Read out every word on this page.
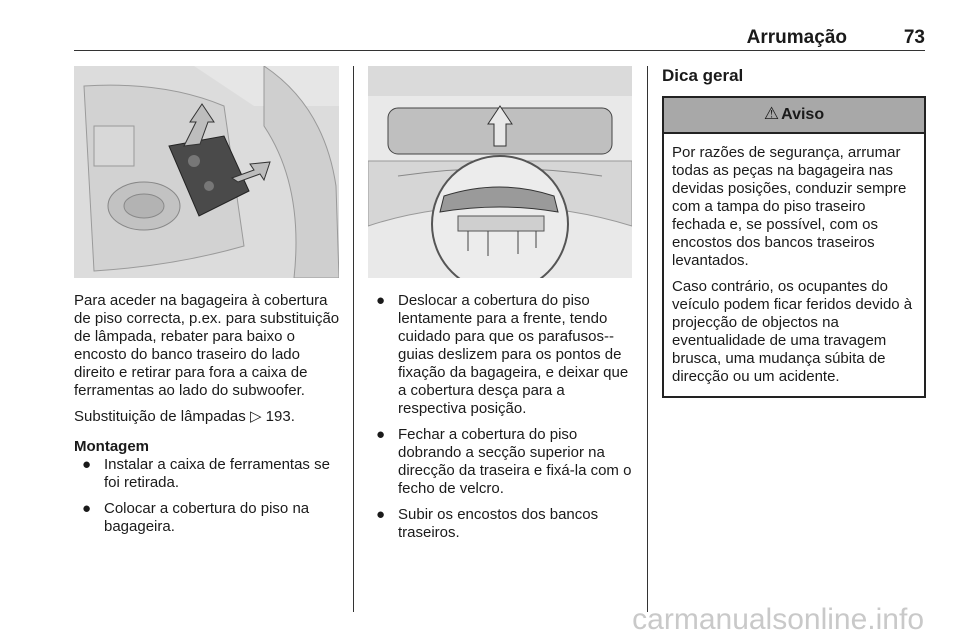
Arrumação	73

Para aceder na bagageira à cobertura de piso correcta, p.ex. para substituição de lâmpada, rebater para baixo o encosto do banco traseiro do lado direito e retirar para fora a caixa de ferramentas ao lado do subwoofer.

Substituição de lâmpadas ▷ 193.

Montagem
● Instalar a caixa de ferramentas se foi retirada.
● Colocar a cobertura do piso na bagageira.
● Deslocar a cobertura do piso lentamente para a frente, tendo cuidado para que os parafusos--guias deslizem para os pontos de fixação da bagageira, e deixar que a cobertura desça para a respectiva posição.
● Fechar a cobertura do piso dobrando a secção superior na direcção da traseira e fixá-la com o fecho de velcro.
● Subir os encostos dos bancos traseiros.
Dica geral
⚠ Aviso

Por razões de segurança, arrumar todas as peças na bagageira nas devidas posições, conduzir sempre com a tampa do piso traseiro fechada e, se possível, com os encostos dos bancos traseiros levantados.

Caso contrário, os ocupantes do veículo podem ficar feridos devido à projecção de objectos na eventualidade de uma travagem brusca, uma mudança súbita de direcção ou um acidente.

carmanualsonline.info
